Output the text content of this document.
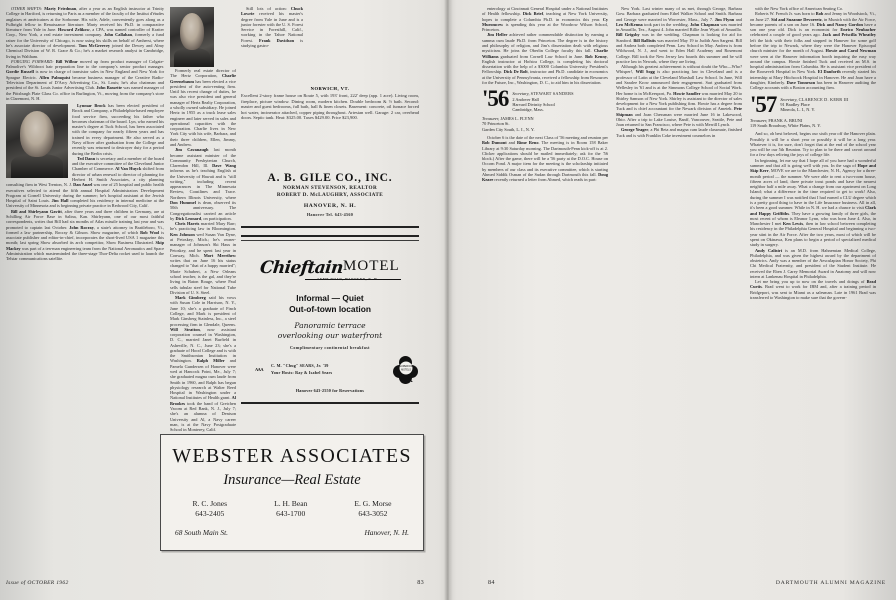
OTHER SHIFTS: Marty Friedman, after a year as an English instructor at Trinity College in Hartford, is returning to Paris as a member of the faculty of the Institut d'études anglaises et américaines at the Sorbonne. His wife, Adele, conveniently goes along as a Fulbright fellow in Renaissance literature. Marty received his Ph.D. in comparative literature from Yale in June. Howard Zelikow, a CPA, was named controller of Kratter Corp., New York, a real estate investment company. John Callahan, formerly a fund raiser for the University of Chicago, is now using his skills on behalf of Amherst, where he's associate director of development. Tom McGreevey joined the Dewey and Almy Chemical Division of W. R. Grace & Co.; he's a market research analyst in Cambridge, living in Waltham.
FORGING FORWARD: Bill Wilbur moved up from product manager of Colgate-Palmolive's Wildroot hair preparation line to the company's senior product manager. Gordie Russell is now in charge of transistor sales in New England and New York for Sprague Electric. Allen Palmquist became business manager of the Creative Radio-Television Department of D'Arcy Advertising Co., St. Louis; he's also chairman and president of the St. Louis Junior Advertising Club. John Bassette was named manager of the Pittsburgh Plate Glass Co. office in Burlington, Vt., moving from the company's store in Claremont, N. H.
Lynmar Brock has been elected president of Brock and Company, a Philadelphia-based employee food service firm, succeeding his father who becomes chairman of the board. Lyn, who earned his master's degree at Tuck School, has been associated with the company for nearly fifteen years and has trained in every department. He also served as a Navy officer after graduation from the College and recently was returned to destroyer duty for a period during the Berlin crisis.
Ted Dann is secretary and a member of the board and the executive committee of the Cleveland Junior Chamber of Commerce. Al Van Huyck shifted from director of urban renewal to director of planning for Herbert H. Smith Associates, a city planning consulting firm in West Trenton, N. J. Dan Anzel was one of 25 hospital and public health executives selected to attend the fifth annual Hospital Administrators Development Program at Cornell University during the summer; he's hospital assistant at the Jewish Hospital of Saint Louis. Jim Hall completed his residency in internal medicine at the University of Minnesota and is beginning private practice in Redwood City, Calif.
Bill and Shirleyann Gavitt, after three years and three children in Germany, are at Schilling Air Force Base in Salina, Kan. Shirleyann, one of our most faithful correspondents, writes that Bill had six months of Atlas missile training last year and was promoted to captain last October. John Rocray, a state's attorney in Brattleboro, Vt., formed a law partnership, Rocray & Gibson. Show magazine, of which Bob Wool is associate publisher and editor-in-chief, incorporates the short-lived USA 1 magazine this month; last spring Show absorbed its arch competitor, Show Business Illustrated. Skip Mackey was part of a ten-man engineering team from the National Aeronautics and Space Administration which masterminded the three-stage Thor-Delta rocket used to launch the Telstar communications satellite.
Formerly real estate director of The Hertz Corporation, Charlie Greenebaum has been elected a vice president of the auto-renting firm. Until his recent change of duties, he was also vice president and general manager of Hertz Realty Corporation, a wholly owned subsidiary. He joined Hertz in 1955 as a truck lease sales engineer and later served in sales and operational capacities with the corporation. Charlie lives in New York City with his wife, Barbara, and their three children, Ellen, Jimmy, and Andrew.
Jim Cavanaugh last month became assistant minister of the Community Presbyterian Church, Clarendon Hill, Ill. Dave Wang informs us he's teaching English at the University of Hawaii and is "still writing," including recent appearances in The Minnesota Review, Coastlines and Trace. Northern Illinois University, where Don Hummel is dean, observed its 50th anniversary. The Congregationalist carried an article by Dick Leonard, on participation.
Chris Harris married Mary Barr; he's practicing law in Bloomington. Ken Johnson wed Susan Van Dyne, at Petoskey, Mich.; he's owner-manager of Johnson's Ski Haus in Petoskey, and he spent last year in Conway, Mich. Mort Merrihew writes that on June 16 his status changed to "that of a happy married"; Marie Schubert, a New Orleans school teacher, is the gal, and they're living in Baton Rouge, where Paul sells tubular steel for National Tube Division of U. S. Steel.
Mark Ginsberg said his vows with Susan Cole in Harrison, N. Y., June 10; she's a graduate of Finch College, and Mark is president of Mark Ginsberg Stainless, Inc., a steel processing firm in Glendale, Queens. Will Stratton, now assistant corporation counsel in Washington, D. C., married Janet Burfield in Asheville, N. C., June 23; she's a graduate of Hood College and is with the Smithsonian Institution in Washington. Ralph Miller and Pamela Gundersen of Hanover were wed at Hancock Point, Me., July 7; she graduated magna cum laude from Smith in 1960, and Ralph has begun physiology research at Walter Reed Hospital in Washington under a National Institutes of Health grant. Al Brookes took the band of Gretchen Vacom at Red Bank, N. J., July 7; she's an alumna of Denison University and Al, a Navy career man, is at the Navy Postgraduate School in Monterey, Calif.
Still lots of action: Chuck Lowrie received his master's degree from Yale in June and is a junior forester with the U. S. Forest Service in Foresthill, Calif., working in the Tahoe National Forest. Frank Davidson is studying gastro-
NORWICH, VT.
Excellent 2-story frame house on Route 5, with 193' front, 222' deep (app. 1 acre). Living room, fireplace, picture window. Dining room, modern kitchen. Double bedroom & ½ bath. Second: master and guest bedrooms, full bath, hall & linen closets. Basement: concrete, oil furnace forced hot water, incinerator attached, copper piping throughout. Artesian well. Garage: 2 car, overhead doors. Septic tank. Heat: $325.00. Taxes $429.00. Price $23,900.
A. B. GILE CO., INC.
NORMAN STEVENSON, REALTOR
ROBERT D. McLAUGHRY, ASSOCIATE
HANOVER, N. H.
Hanover Tel. 643-4560
ChieftainMOTEL
LYME ROAD, HANOVER, N. H.
Informal — Quiet
Out-of-town location
Panoramic terrace
overlooking our waterfront
Complimentary continental breakfast
AAA
C. M. "Chug" SEARS, Jr. '39
Your Hosts: Ray & Isabel Sears
SUPERIOR
MOTELS
Hanover 643-2550 for Reservations
WEBSTER ASSOCIATES
Insurance—Real Estate
R. C. Jones
643-2405
L. H. Bean
643-1700
E. G. Morse
643-3052
68 South Main St.	Hanover, N. H.
Issue of OCTOBER 1962	83
enterology at Cincinnati General Hospital under a National Institutes of Health fellowship. Dick Brief, teaching at New York University, hopes to complete a Columbia Ph.D. in economics this year. Cy Muromcew is spending this year at the Woodrow Wilson School, Princeton.
Jim Heller achieved rather commendable distinction by earning a summa cum laude Ph.D. from Princeton. The degree is in the history and philosophy of religion, and Jim's dissertation dealt with religious mysticism. He joins the Oberlin College faculty this fall. Charlie Williams graduated from Cornell Law School in June. Bob Kenny, English instructor at Hofstra College, is completing his doctoral dissertation with the help of a $3000 Columbia University President's Fellowship. Dick De Bolt, instructor and Ph.D. candidate in economics at the University of Pennsylvania, received a fellowship from Resources for the Future, Inc., Washington, D. C., to aid him in his dissertation.
'56 Secretary, STEWART SANDERS
2 Andover Hall
Harvard Divinity School
Cambridge, Mass.
Treasurer, JAMES L. FLYNN
70 Princeton St.
Garden City South, L. I., N. Y.
October 6 is the date of the next Class of '56 meeting and reunion per Bob Dumont and Rime Reno. The meeting is in Room 158 Baker Library at 9:30 Saturday morning. The Dartmouth-Penn kick-off is at 2. Clicker applications should be mailed immediately; ask for the '56 block.) After the game, there will be a '56 party at the D.O.C. House on Occom Pond. A major item for the meeting is the scholarship initiated by members of our class and its executive committee, which is starting Ahmed Siddik Osman of the Sudan through Dartmouth this fall. Doug Keare recently returned a letter from Ahmed, which reads in part:
New York. Last winter many of us met, through George, Barbara Gow. Barbara graduated from Ethel Walker School and Smith. Barbara and George were married in Worcester, Mass., July 7. Jim Flynn and Leo McKenna took part in the wedding. John Chapman was married in Amarillo, Tex., August 4. John married Billie Jean Wyatt of Amarillo. Bill Grigsby was in the wedding. Chapman is looking for aid for Stanford. Bill Ballistis was married May 19 to Judith Ann Sargent. Bill and Andrea both completed Penn. Law School in May. Andrea is from Wildwood, N. J., and went to Eden Hall Academy and Rosemont College. Bill took the New Jersey law boards this summer and he will practice law in Newark, where they are living.
Although his greatest achievement is without doubt the Who—Who? Whisper!, Will Sogg is also practicing law in Cleveland and is a professor of Latin at the Cleveland Marshall Law School. In June, Will and Saralee Krow announced their engagement. Sari graduated from Wellesley in '61 and is at the Simmons College School of Social Work. Her home is in McKeesport, Pa. Howie Sandler was married May 20 to Shirley Samson of New York. Shirley is assistant to the director of sales development for a New York publishing firm. Howie has a degree from Tuck and is chief accountant for the Newark division of Ametek. Pete Shipman and Joan Chessman were married June 16 in Lakewood, Ohio. After a trip to Lake Louise, Banff, Vancouver, Seattle, Pete and Joan returned to San Francisco, where Pete is with Merrill Lynch.
George Yeager, a Phi Beta and magna cum laude classmate, finished Tuck and is with Franklin Coke investment counselors in
with the New York office of American Seating Co.
Roberts W. French Jr. was born to Bob and Jenny in Woodstock, Vt., on June 27. Sid and Suzanne Devoreetz, in Munich with the Air Force, became parents of a son on June 16. Dick and Nancy Gordon have a son one year old. Dick is an economist for Enrico Neubacher celebrated a couple of good years ago. Jack and Priscilla Wheatley left the kids with their folks and stopped in Hanover for some golf before the trip to Newark, where they were the Hanover Episcopal church minister for the month of August. Howie and Carol Newman were seen at the Hanover information booth inquiring the easy way around the campus. Howie finished Tuck and received an M.S. in hospital administration from Columbia. He is assistant vice president of the Roosevelt Hospital in New York. El Danforth recently started his internship at Mary Hitchcock Hospital in Hanover. He and Joan have a daughter, Kimberly. Dave Tonneson has been in Hanover auditing the College accounts with a Boston accounting firm.
'57 Secretary, CLARENCE D. KERR III
91 Bradley Place
Mineola, L. I., N. Y.
Treasurer, FRANK A. BRUNI
119 South Broadway, White Plains, N. Y.
And so, oh best beloved, begins our sixth year off the Hanover plain. Possibly it will be a short year or possibly it will be a long year. Whatever it is, for sure, don't forget that at the end of the school year you will be our 5th Reunion. Try to plan to be there and cavort around for a few days reliving the joys of college life.
In beginning, let me say that I hope all of you have had a wonderful summer and that all is going well with you. In the saga of Hope and Skip Kerr, MOVE we are to the Manchester, N. H., Agency for a three-month period — the summer. We were able to rent a two-room house, fifteen acres of land, three private trout ponds and have the nearest neighbor half a mile away. What a change from our apartment on Long Island; what a difference in the time required to get to work! Also, during the summer I was notified that I had earned a CLU degree which is a pretty good thing to have in the Life Insurance business. All in all, it's been a good summer. While in N. H. we had a chance to visit Clark and Happy Griffiths. They have a growing family of three girls, the most recent of whom is Eleanor Lynn, who was born June 4. Also, in Manchester I met Ken Lewis, then in law school between completing his residency in the Philadelphia General Hospital and beginning a two-year stint in the Air Force. After the two years, most of which will be spent on Okinawa, Ken plans to begin a period of specialized medical study in surgery.
Andy Calistri is an M.D. from Hahnemian Medical College, Philadelphia, and was given the highest award by the department of obstetrics. Andy was a member of the Aesculapian Honor Society, Phi Chi Medical Fraternity, and president of the Student Institute. He received the Eben J. Carey Memorial Award in Anatomy and will now intern at Lankenau Hospital in Philadelphia.
Let me bring you up to now on the travels and doings of Brad Curtis. Brad went to work for IBM and, after a training period in Bridgeport, was sent to Miami as a salesman. Late in 1961 Brad was transferred to Washington to make sure that the govern-
84	DARTMOUTH ALUMNI MAGAZINE
